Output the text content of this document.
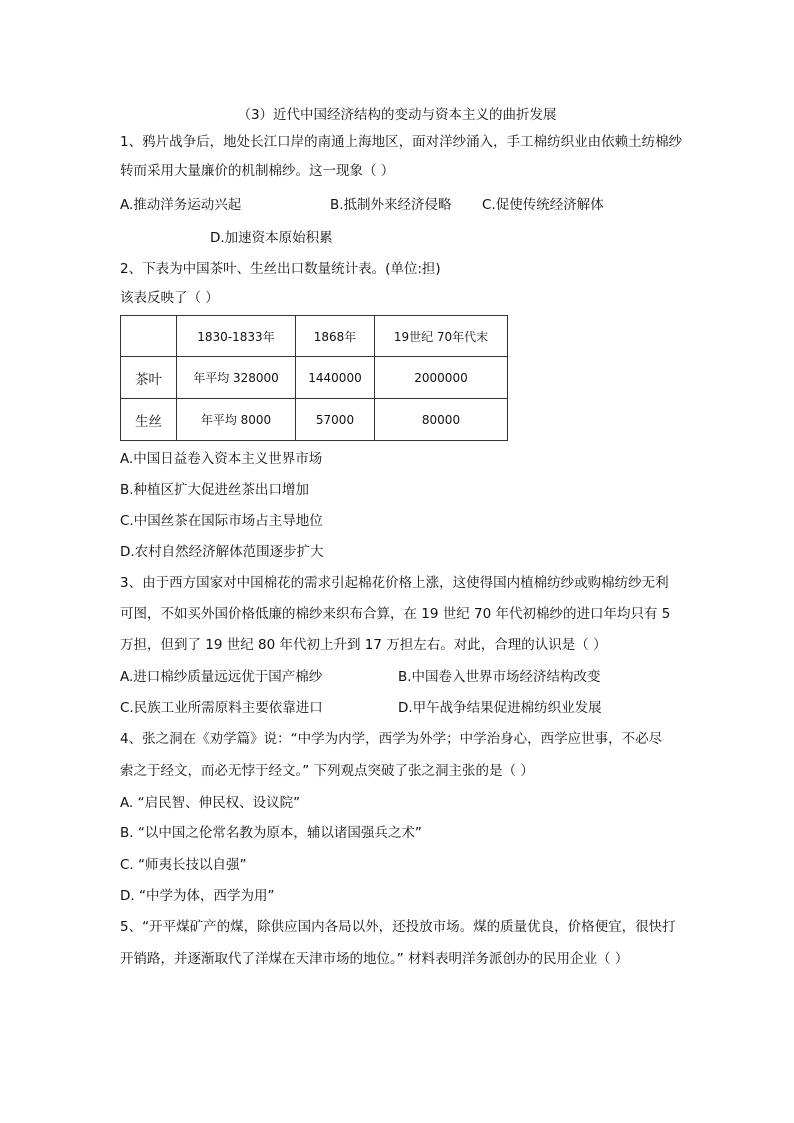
（3）近代中国经济结构的变动与资本主义的曲折发展
1、鸦片战争后，地处长江口岸的南通上海地区，面对洋纱涌入，手工棉纺织业由依赖土纺棉纱
转而采用大量廉价的机制棉纱。这一现象（ ）
A.推动洋务运动兴起	B.抵制外来经济侵略 C.促使传统经济解体
D.加速资本原始积累
2、下表为中国茶叶、生丝出口数量统计表。(单位:担)
该表反映了（ ）
	1830-1833年	1868年	19世纪 70年代末
茶叶	年平均 328000	1440000	2000000
生丝	年平均 8000	57000	80000
A.中国日益卷入资本主义世界市场
B.种植区扩大促进丝茶出口增加
C.中国丝茶在国际市场占主导地位
D.农村自然经济解体范围逐步扩大
3、由于西方国家对中国棉花的需求引起棉花价格上涨，这使得国内植棉纺纱或购棉纺纱无利
可图，不如买外国价格低廉的棉纱来织布合算，在 19 世纪 70 年代初棉纱的进口年均只有 5
万担，但到了 19 世纪 80 年代初上升到 17 万担左右。对此，合理的认识是（ ）
A.进口棉纱质量远远优于国产棉纱	B.中国卷入世界市场经济结构改变
C.民族工业所需原料主要依靠进口	D.甲午战争结果促进棉纺织业发展
4、张之洞在《劝学篇》说：“中学为内学，西学为外学；中学治身心，西学应世事，不必尽
索之于经文，而必无悖于经文。” 下列观点突破了张之洞主张的是（ ）
A. “启民智、伸民权、设议院”
B. “以中国之伦常名教为原本，辅以诸国强兵之术”
C. “师夷长技以自强”
D. “中学为体，西学为用”
5、“开平煤矿产的煤，除供应国内各局以外，还投放市场。煤的质量优良，价格便宜，很快打
开销路，并逐渐取代了洋煤在天津市场的地位。” 材料表明洋务派创办的民用企业（ ）
